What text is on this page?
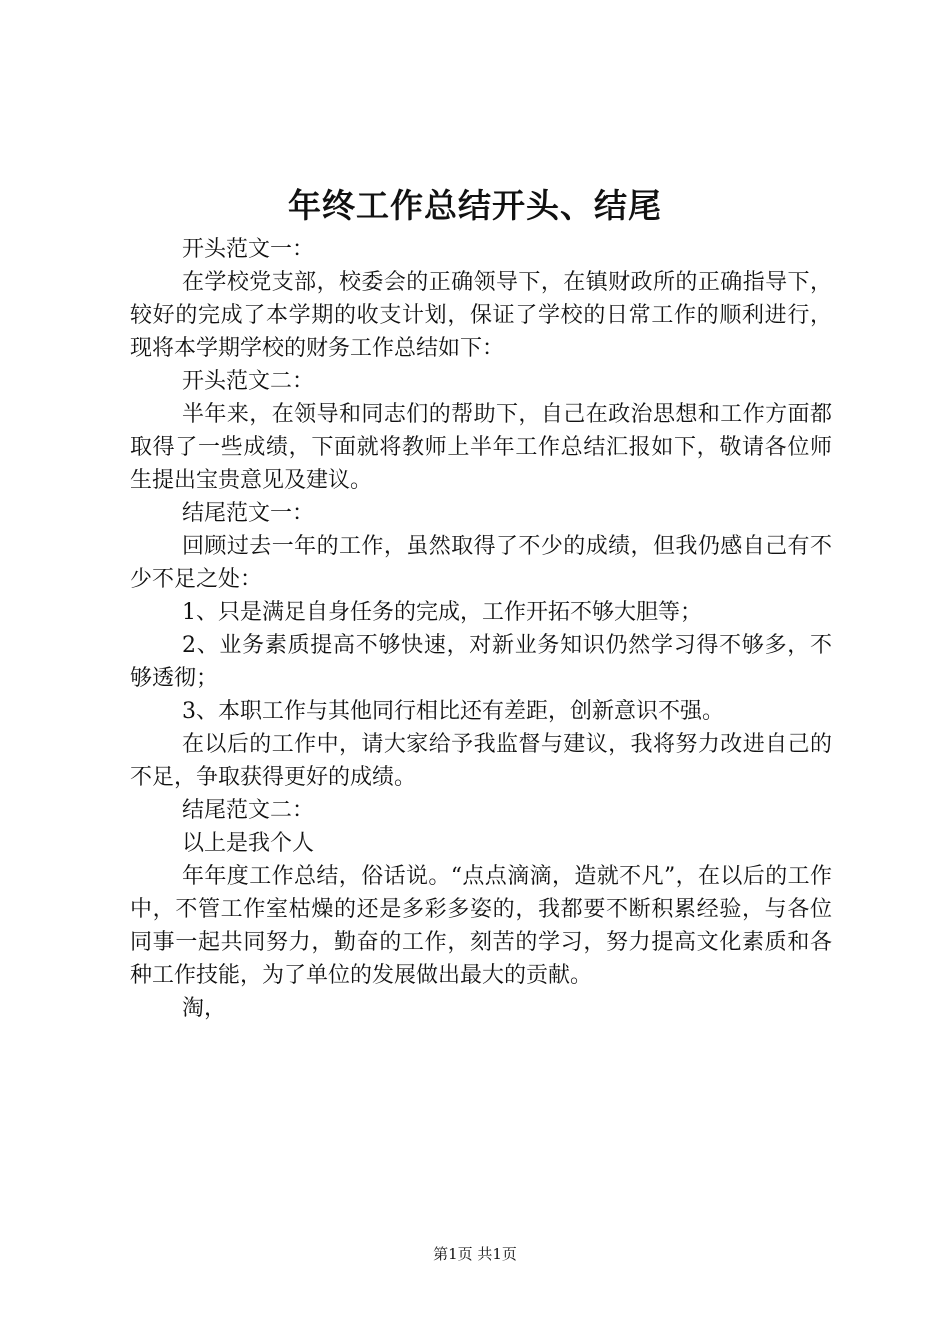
年终工作总结开头、结尾

开头范文一：

在学校党支部，校委会的正确领导下，在镇财政所的正确指导下，较好的完成了本学期的收支计划，保证了学校的日常工作的顺利进行，现将本学期学校的财务工作总结如下：

开头范文二：

半年来，在领导和同志们的帮助下，自己在政治思想和工作方面都取得了一些成绩，下面就将教师上半年工作总结汇报如下，敬请各位师生提出宝贵意见及建议。

结尾范文一：

回顾过去一年的工作，虽然取得了不少的成绩，但我仍感自己有不少不足之处：

1、只是满足自身任务的完成，工作开拓不够大胆等；

2、业务素质提高不够快速，对新业务知识仍然学习得不够多，不够透彻；

3、本职工作与其他同行相比还有差距，创新意识不强。

在以后的工作中，请大家给予我监督与建议，我将努力改进自己的不足，争取获得更好的成绩。

结尾范文二：

以上是我个人

年年度工作总结，俗话说。“点点滴滴，造就不凡”，在以后的工作中，不管工作室枯燥的还是多彩多姿的，我都要不断积累经验，与各位同事一起共同努力，勤奋的工作，刻苦的学习，努力提高文化素质和各种工作技能，为了单位的发展做出最大的贡献。

淘，

第1页 共1页
